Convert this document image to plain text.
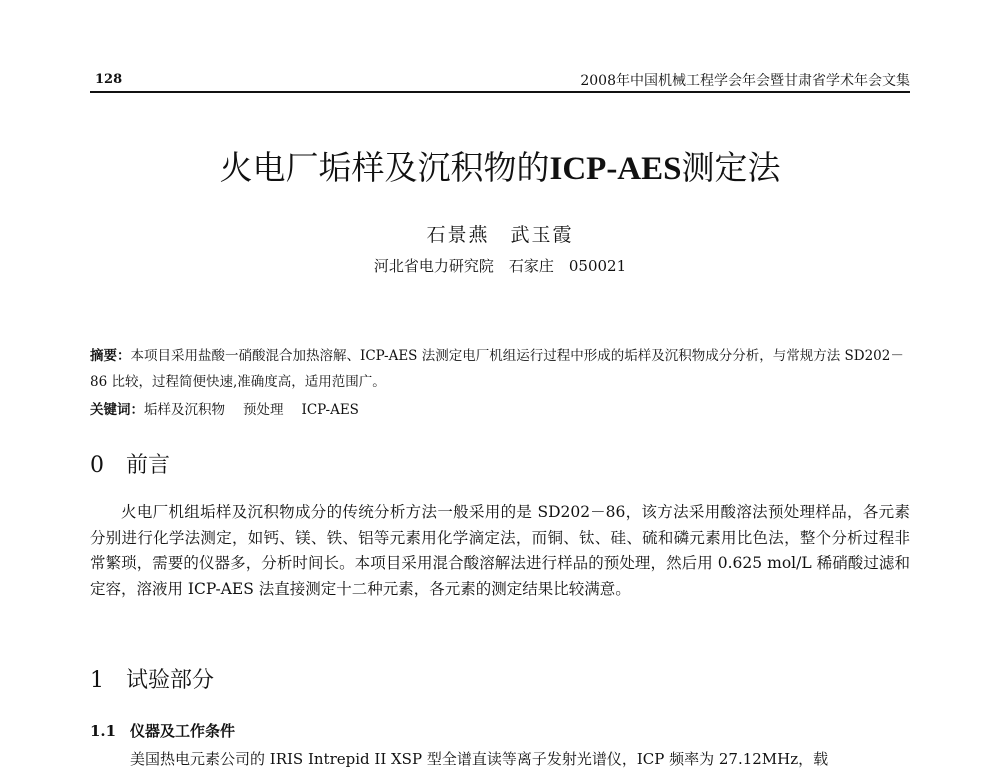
128	2008年中国机械工程学会年会暨甘肃省学术年会文集
火电厂垢样及沉积物的ICP-AES测定法
石景燕　武玉霞
河北省电力研究院　石家庄　050021
摘要：本项目采用盐酸一硝酸混合加热溶解、ICP-AES 法测定电厂机组运行过程中形成的垢样及沉积物成分分析，与常规方法 SD202－86 比较，过程简便快速,准确度高，适用范围广。
关键词：垢样及沉积物 预处理 ICP-AES
0 前言
火电厂机组垢样及沉积物成分的传统分析方法一般采用的是 SD202－86，该方法采用酸溶法预处理样品，各元素分别进行化学法测定，如钙、镁、铁、铝等元素用化学滴定法，而铜、钛、硅、硫和磷元素用比色法，整个分析过程非常繁琐，需要的仪器多，分析时间长。本项目采用混合酸溶解法进行样品的预处理，然后用 0.625 mol/L 稀硝酸过滤和定容，溶液用 ICP-AES 法直接测定十二种元素，各元素的测定结果比较满意。
1 试验部分
1.1 仪器及工作条件
美国热电元素公司的 IRIS Intrepid II XSP 型全谱直读等离子发射光谱仪，ICP 频率为 27.12MHz，载
